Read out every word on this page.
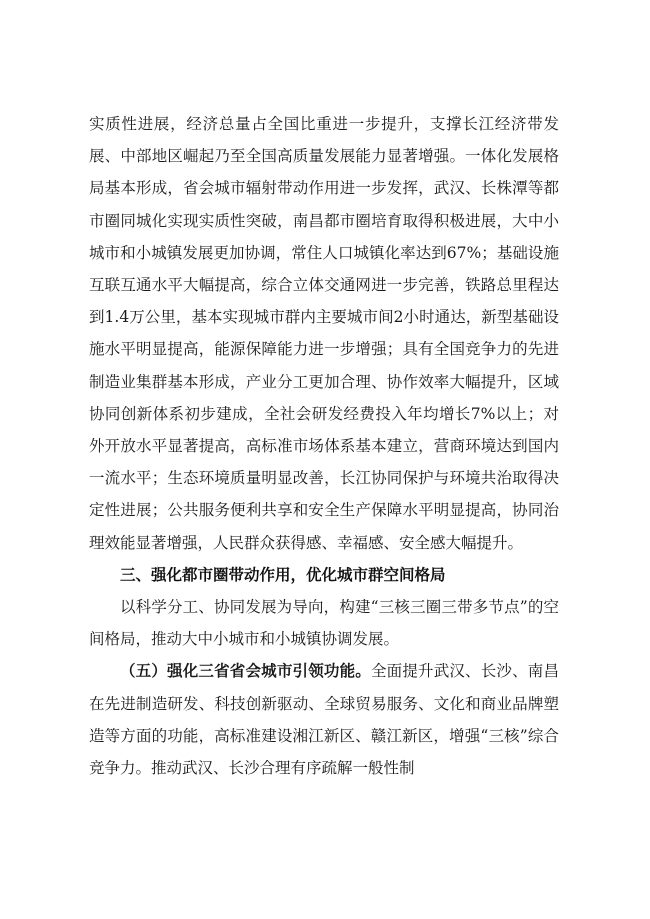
实质性进展，经济总量占全国比重进一步提升，支撑长江经济带发展、中部地区崛起乃至全国高质量发展能力显著增强。一体化发展格局基本形成，省会城市辐射带动作用进一步发挥，武汉、长株潭等都市圈同城化实现实质性突破，南昌都市圈培育取得积极进展，大中小城市和小城镇发展更加协调，常住人口城镇化率达到67%；基础设施互联互通水平大幅提高，综合立体交通网进一步完善，铁路总里程达到1.4万公里，基本实现城市群内主要城市间2小时通达，新型基础设施水平明显提高，能源保障能力进一步增强；具有全国竞争力的先进制造业集群基本形成，产业分工更加合理、协作效率大幅提升，区域协同创新体系初步建成，全社会研发经费投入年均增长7%以上；对外开放水平显著提高，高标准市场体系基本建立，营商环境达到国内一流水平；生态环境质量明显改善，长江协同保护与环境共治取得决定性进展；公共服务便利共享和安全生产保障水平明显提高，协同治理效能显著增强，人民群众获得感、幸福感、安全感大幅提升。

三、强化都市圈带动作用，优化城市群空间格局

以科学分工、协同发展为导向，构建“三核三圈三带多节点”的空间格局，推动大中小城市和小城镇协调发展。

（五）强化三省省会城市引领功能。全面提升武汉、长沙、南昌在先进制造研发、科技创新驱动、全球贸易服务、文化和商业品牌塑造等方面的功能，高标准建设湘江新区、赣江新区，增强“三核”综合竞争力。推动武汉、长沙合理有序疏解一般性制
